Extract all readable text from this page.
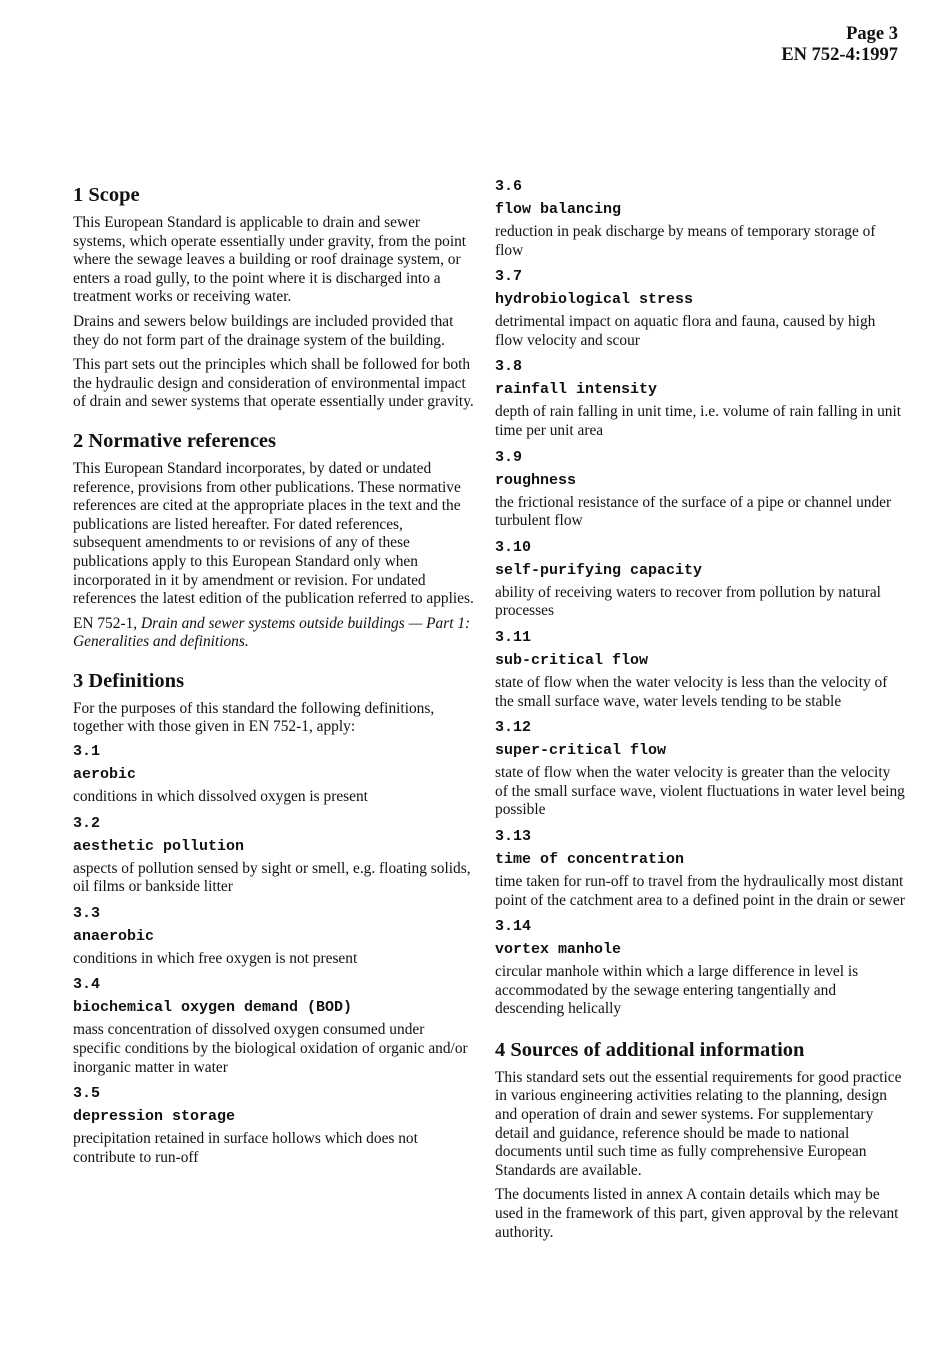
Page 3
EN 752-4:1997
1 Scope

This European Standard is applicable to drain and sewer systems, which operate essentially under gravity, from the point where the sewage leaves a building or roof drainage system, or enters a road gully, to the point where it is discharged into a treatment works or receiving water.

Drains and sewers below buildings are included provided that they do not form part of the drainage system of the building.

This part sets out the principles which shall be followed for both the hydraulic design and consideration of environmental impact of drain and sewer systems that operate essentially under gravity.

2 Normative references

This European Standard incorporates, by dated or undated reference, provisions from other publications. These normative references are cited at the appropriate places in the text and the publications are listed hereafter. For dated references, subsequent amendments to or revisions of any of these publications apply to this European Standard only when incorporated in it by amendment or revision. For undated references the latest edition of the publication referred to applies.

EN 752-1, Drain and sewer systems outside buildings — Part 1: Generalities and definitions.

3 Definitions

For the purposes of this standard the following definitions, together with those given in EN 752-1, apply:

3.1
aerobic
conditions in which dissolved oxygen is present
3.2
aesthetic pollution
aspects of pollution sensed by sight or smell, e.g. floating solids, oil films or bankside litter
3.3
anaerobic
conditions in which free oxygen is not present
3.4
biochemical oxygen demand (BOD)
mass concentration of dissolved oxygen consumed under specific conditions by the biological oxidation of organic and/or inorganic matter in water
3.5
depression storage
precipitation retained in surface hollows which does not contribute to run-off
3.6
flow balancing
reduction in peak discharge by means of temporary storage of flow
3.7
hydrobiological stress
detrimental impact on aquatic flora and fauna, caused by high flow velocity and scour
3.8
rainfall intensity
depth of rain falling in unit time, i.e. volume of rain falling in unit time per unit area
3.9
roughness
the frictional resistance of the surface of a pipe or channel under turbulent flow
3.10
self-purifying capacity
ability of receiving waters to recover from pollution by natural processes
3.11
sub-critical flow
state of flow when the water velocity is less than the velocity of the small surface wave, water levels tending to be stable
3.12
super-critical flow
state of flow when the water velocity is greater than the velocity of the small surface wave, violent fluctuations in water level being possible
3.13
time of concentration
time taken for run-off to travel from the hydraulically most distant point of the catchment area to a defined point in the drain or sewer
3.14
vortex manhole
circular manhole within which a large difference in level is accommodated by the sewage entering tangentially and descending helically
4 Sources of additional information

This standard sets out the essential requirements for good practice in various engineering activities relating to the planning, design and operation of drain and sewer systems. For supplementary detail and guidance, reference should be made to national documents until such time as fully comprehensive European Standards are available.

The documents listed in annex A contain details which may be used in the framework of this part, given approval by the relevant authority.
